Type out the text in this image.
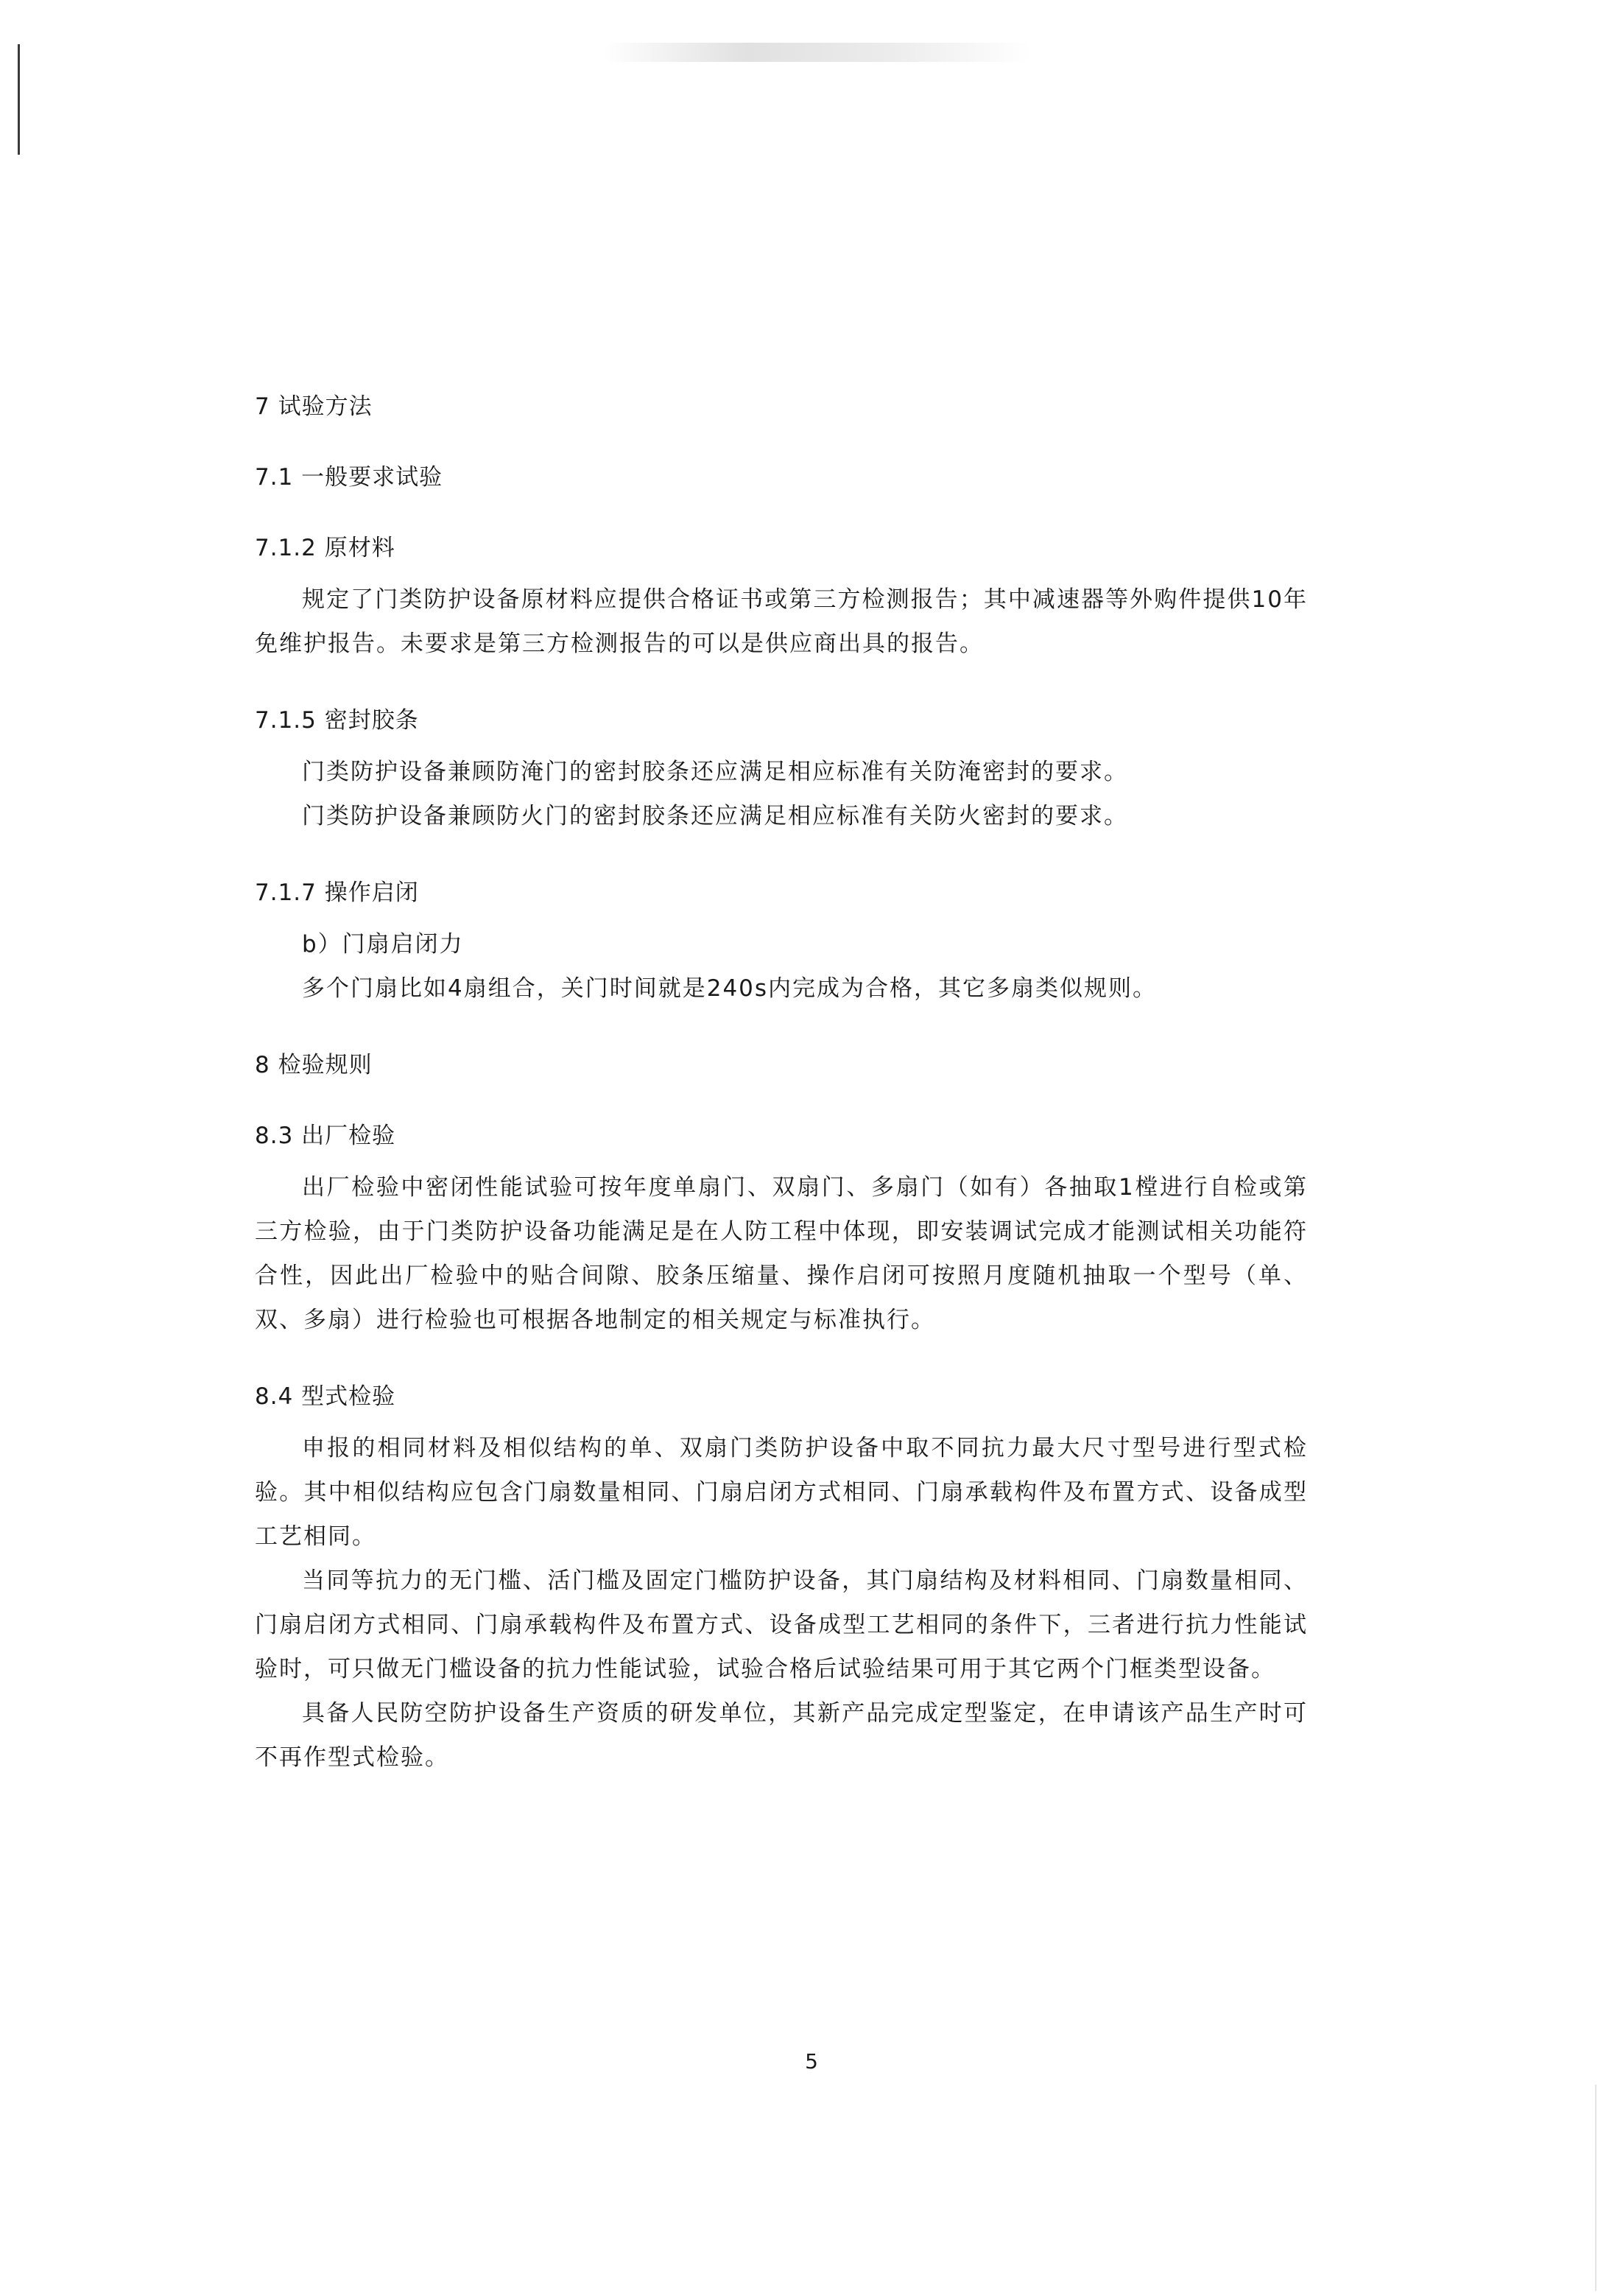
7 试验方法

7.1 一般要求试验

7.1.2 原材料

规定了门类防护设备原材料应提供合格证书或第三方检测报告；其中减速器等外购件提供10年免维护报告。未要求是第三方检测报告的可以是供应商出具的报告。

7.1.5 密封胶条

门类防护设备兼顾防淹门的密封胶条还应满足相应标准有关防淹密封的要求。

门类防护设备兼顾防火门的密封胶条还应满足相应标准有关防火密封的要求。

7.1.7 操作启闭

b）门扇启闭力

多个门扇比如4扇组合，关门时间就是240s内完成为合格，其它多扇类似规则。

8 检验规则

8.3 出厂检验

出厂检验中密闭性能试验可按年度单扇门、双扇门、多扇门（如有）各抽取1樘进行自检或第三方检验，由于门类防护设备功能满足是在人防工程中体现，即安装调试完成才能测试相关功能符合性，因此出厂检验中的贴合间隙、胶条压缩量、操作启闭可按照月度随机抽取一个型号（单、双、多扇）进行检验也可根据各地制定的相关规定与标准执行。

8.4 型式检验

申报的相同材料及相似结构的单、双扇门类防护设备中取不同抗力最大尺寸型号进行型式检验。其中相似结构应包含门扇数量相同、门扇启闭方式相同、门扇承载构件及布置方式、设备成型工艺相同。

当同等抗力的无门槛、活门槛及固定门槛防护设备，其门扇结构及材料相同、门扇数量相同、门扇启闭方式相同、门扇承载构件及布置方式、设备成型工艺相同的条件下，三者进行抗力性能试验时，可只做无门槛设备的抗力性能试验，试验合格后试验结果可用于其它两个门框类型设备。

具备人民防空防护设备生产资质的研发单位，其新产品完成定型鉴定，在申请该产品生产时可不再作型式检验。

5
